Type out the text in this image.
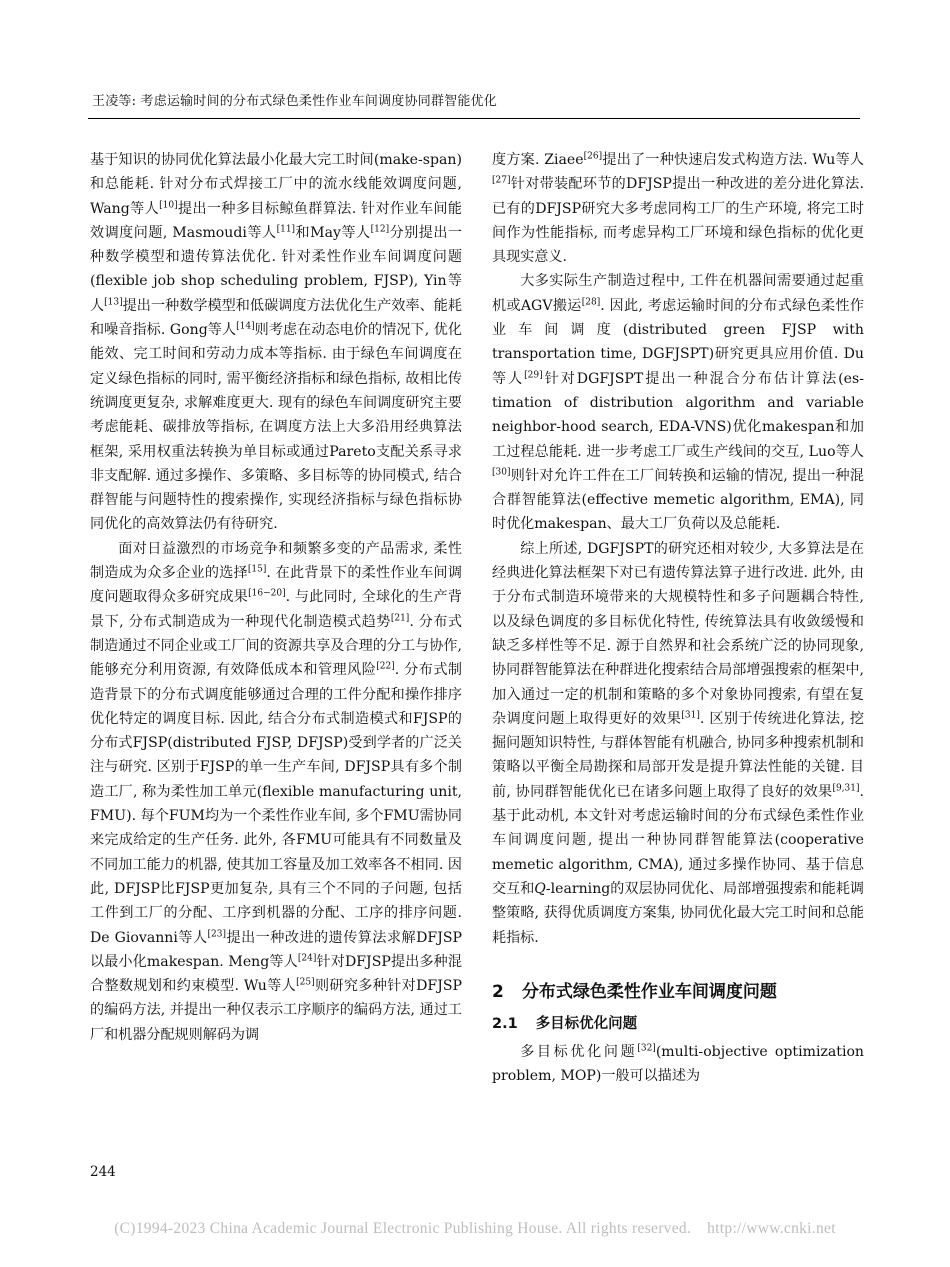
王凌等: 考虑运输时间的分布式绿色柔性作业车间调度协同群智能优化

基于知识的协同优化算法最小化最大完工时间(make-span)和总能耗. 针对分布式焊接工厂中的流水线能效调度问题, Wang等人[10]提出一种多目标鲸鱼群算法. 针对作业车间能效调度问题, Masmoudi等人[11]和May等人[12]分别提出一种数学模型和遗传算法优化. 针对柔性作业车间调度问题(flexible job shop scheduling problem, FJSP), Yin等人[13]提出一种数学模型和低碳调度方法优化生产效率、能耗和噪音指标. Gong等人[14]则考虑在动态电价的情况下, 优化能效、完工时间和劳动力成本等指标. 由于绿色车间调度在定义绿色指标的同时, 需平衡经济指标和绿色指标, 故相比传统调度更复杂, 求解难度更大. 现有的绿色车间调度研究主要考虑能耗、碳排放等指标, 在调度方法上大多沿用经典算法框架, 采用权重法转换为单目标或通过Pareto支配关系寻求非支配解. 通过多操作、多策略、多目标等的协同模式, 结合群智能与问题特性的搜索操作, 实现经济指标与绿色指标协同优化的高效算法仍有待研究.

面对日益激烈的市场竞争和频繁多变的产品需求, 柔性制造成为众多企业的选择[15]. 在此背景下的柔性作业车间调度问题取得众多研究成果[16−20]. 与此同时, 全球化的生产背景下, 分布式制造成为一种现代化制造模式趋势[21]. 分布式制造通过不同企业或工厂间的资源共享及合理的分工与协作, 能够充分利用资源, 有效降低成本和管理风险[22]. 分布式制造背景下的分布式调度能够通过合理的工件分配和操作排序优化特定的调度目标. 因此, 结合分布式制造模式和FJSP的分布式FJSP(distributed FJSP, DFJSP)受到学者的广泛关注与研究. 区别于FJSP的单一生产车间, DFJSP具有多个制造工厂, 称为柔性加工单元(flexible manufacturing unit, FMU). 每个FUM均为一个柔性作业车间, 多个FMU需协同来完成给定的生产任务. 此外, 各FMU可能具有不同数量及不同加工能力的机器, 使其加工容量及加工效率各不相同. 因此, DFJSP比FJSP更加复杂, 具有三个不同的子问题, 包括工件到工厂的分配、工序到机器的分配、工序的排序问题. De Giovanni等人[23]提出一种改进的遗传算法求解DFJSP以最小化makespan. Meng等人[24]针对DFJSP提出多种混合整数规划和约束模型. Wu等人[25]则研究多种针对DFJSP的编码方法, 并提出一种仅表示工序顺序的编码方法, 通过工厂和机器分配规则解码为调

度方案. Ziaee[26]提出了一种快速启发式构造方法. Wu等人[27]针对带装配环节的DFJSP提出一种改进的差分进化算法. 已有的DFJSP研究大多考虑同构工厂的生产环境, 将完工时间作为性能指标, 而考虑异构工厂环境和绿色指标的优化更具现实意义.

大多实际生产制造过程中, 工件在机器间需要通过起重机或AGV搬运[28]. 因此, 考虑运输时间的分布式绿色柔性作业车间调度(distributed green FJSP with transportation time, DGFJSPT)研究更具应用价值. Du等人[29]针对DGFJSPT提出一种混合分布估计算法(es-timation of distribution algorithm and variable neighbor-hood search, EDA-VNS)优化makespan和加工过程总能耗. 进一步考虑工厂或生产线间的交互, Luo等人[30]则针对允许工件在工厂间转换和运输的情况, 提出一种混合群智能算法(effective memetic algorithm, EMA), 同时优化makespan、最大工厂负荷以及总能耗.

综上所述, DGFJSPT的研究还相对较少, 大多算法是在经典进化算法框架下对已有遗传算法算子进行改进. 此外, 由于分布式制造环境带来的大规模特性和多子问题耦合特性, 以及绿色调度的多目标优化特性, 传统算法具有收敛缓慢和缺乏多样性等不足. 源于自然界和社会系统广泛的协同现象, 协同群智能算法在种群进化搜索结合局部增强搜索的框架中, 加入通过一定的机制和策略的多个对象协同搜索, 有望在复杂调度问题上取得更好的效果[31]. 区别于传统进化算法, 挖掘问题知识特性, 与群体智能有机融合, 协同多种搜索机制和策略以平衡全局勘探和局部开发是提升算法性能的关键. 目前, 协同群智能优化已在诸多问题上取得了良好的效果[9,31]. 基于此动机, 本文针对考虑运输时间的分布式绿色柔性作业车间调度问题, 提出一种协同群智能算法(cooperative memetic algorithm, CMA), 通过多操作协同、基于信息交互和Q-learning的双层协同优化、局部增强搜索和能耗调整策略, 获得优质调度方案集, 协同优化最大完工时间和总能耗指标.

2 分布式绿色柔性作业车间调度问题
2.1 多目标优化问题

多目标优化问题[32](multi-objective optimization problem, MOP)一般可以描述为

244
(C)1994-2023 China Academic Journal Electronic Publishing House. All rights reserved. http://www.cnki.net
